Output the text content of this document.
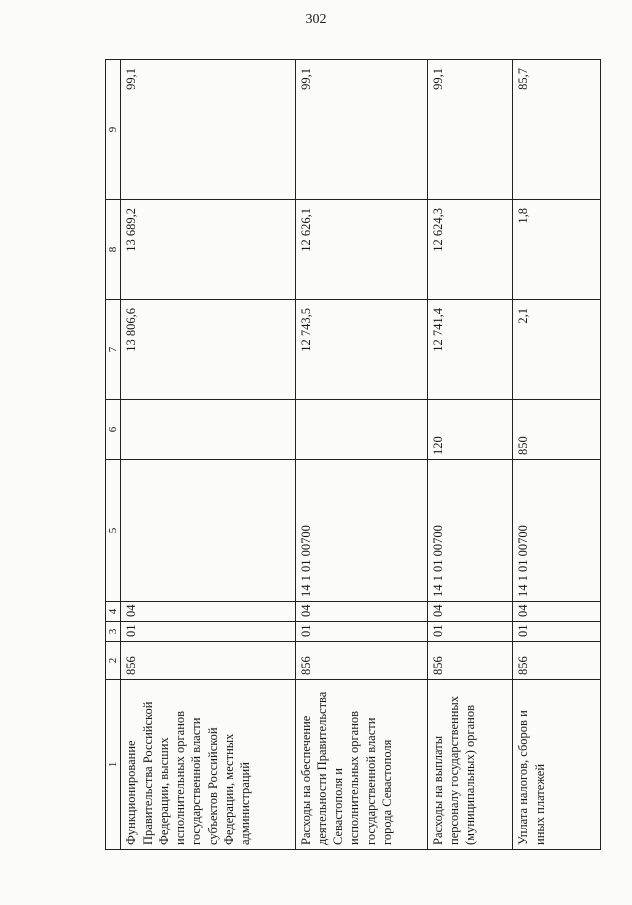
302
1	2	3	4	5	6	7	8	9
Функционирование Правительства Российской Федерации, высших исполнительных органов государственной власти субъектов Российской Федерации, местных администраций	856	01	04			13 806,6	13 689,2	99,1
Расходы на обеспечение деятельности Правительства Севастополя и исполнительных органов государственной власти города Севастополя	856	01	04	14 1 01 00700		12 743,5	12 626,1	99,1
Расходы на выплаты персоналу государственных (муниципальных) органов	856	01	04	14 1 01 00700	120	12 741,4	12 624,3	99,1
Уплата налогов, сборов и иных платежей	856	01	04	14 1 01 00700	850	2,1	1,8	85,7
